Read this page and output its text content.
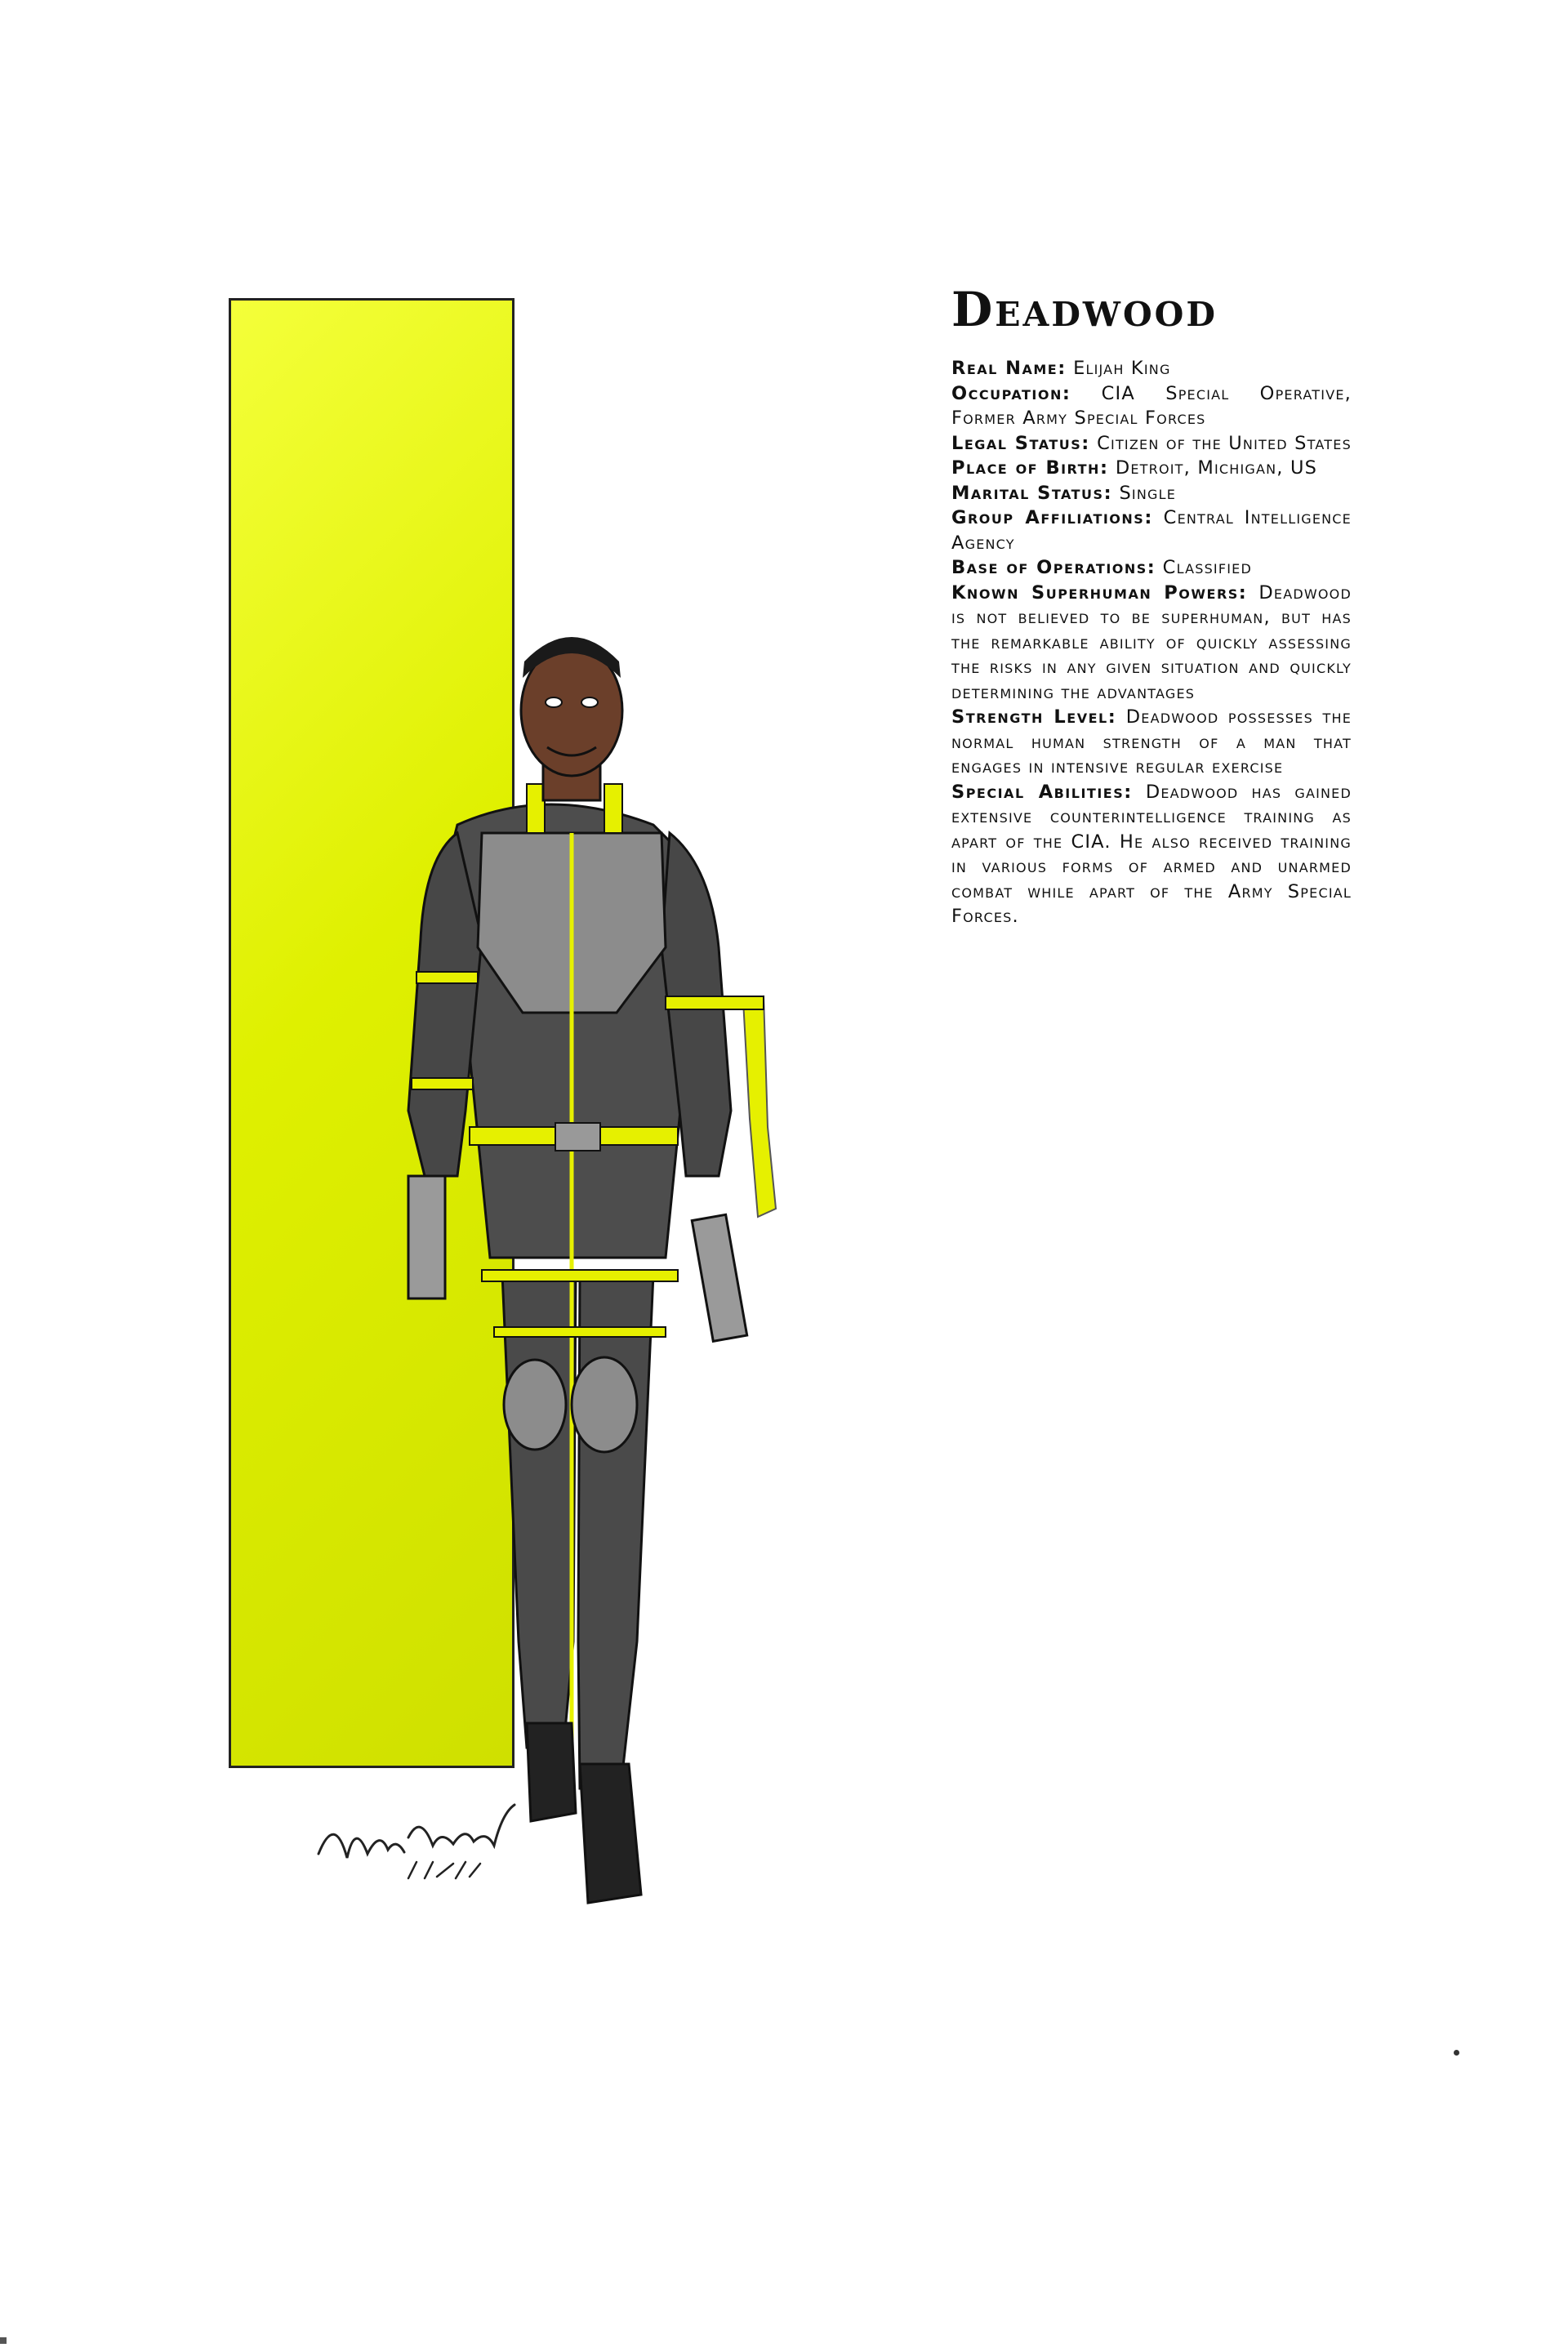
Deadwood
Real Name: Elijah King
Occupation: CIA Special Operative, Former Army Special Forces
Legal Status: Citizen of the United States
Place of Birth: Detroit, Michigan, US
Marital Status: Single
Group Affiliations: Central Intelligence Agency
Base of Operations: Classified
Known Superhuman Powers: Deadwood is not believed to be superhuman, but has the remarkable ability of quickly assessing the risks in any given situation and quickly determining the advantages
Strength Level: Deadwood possesses the normal human strength of a man that engages in intensive regular exercise
Special Abilities: Deadwood has gained extensive counterintelligence training as apart of the CIA. He also received training in various forms of armed and unarmed combat while apart of the Army Special Forces.
